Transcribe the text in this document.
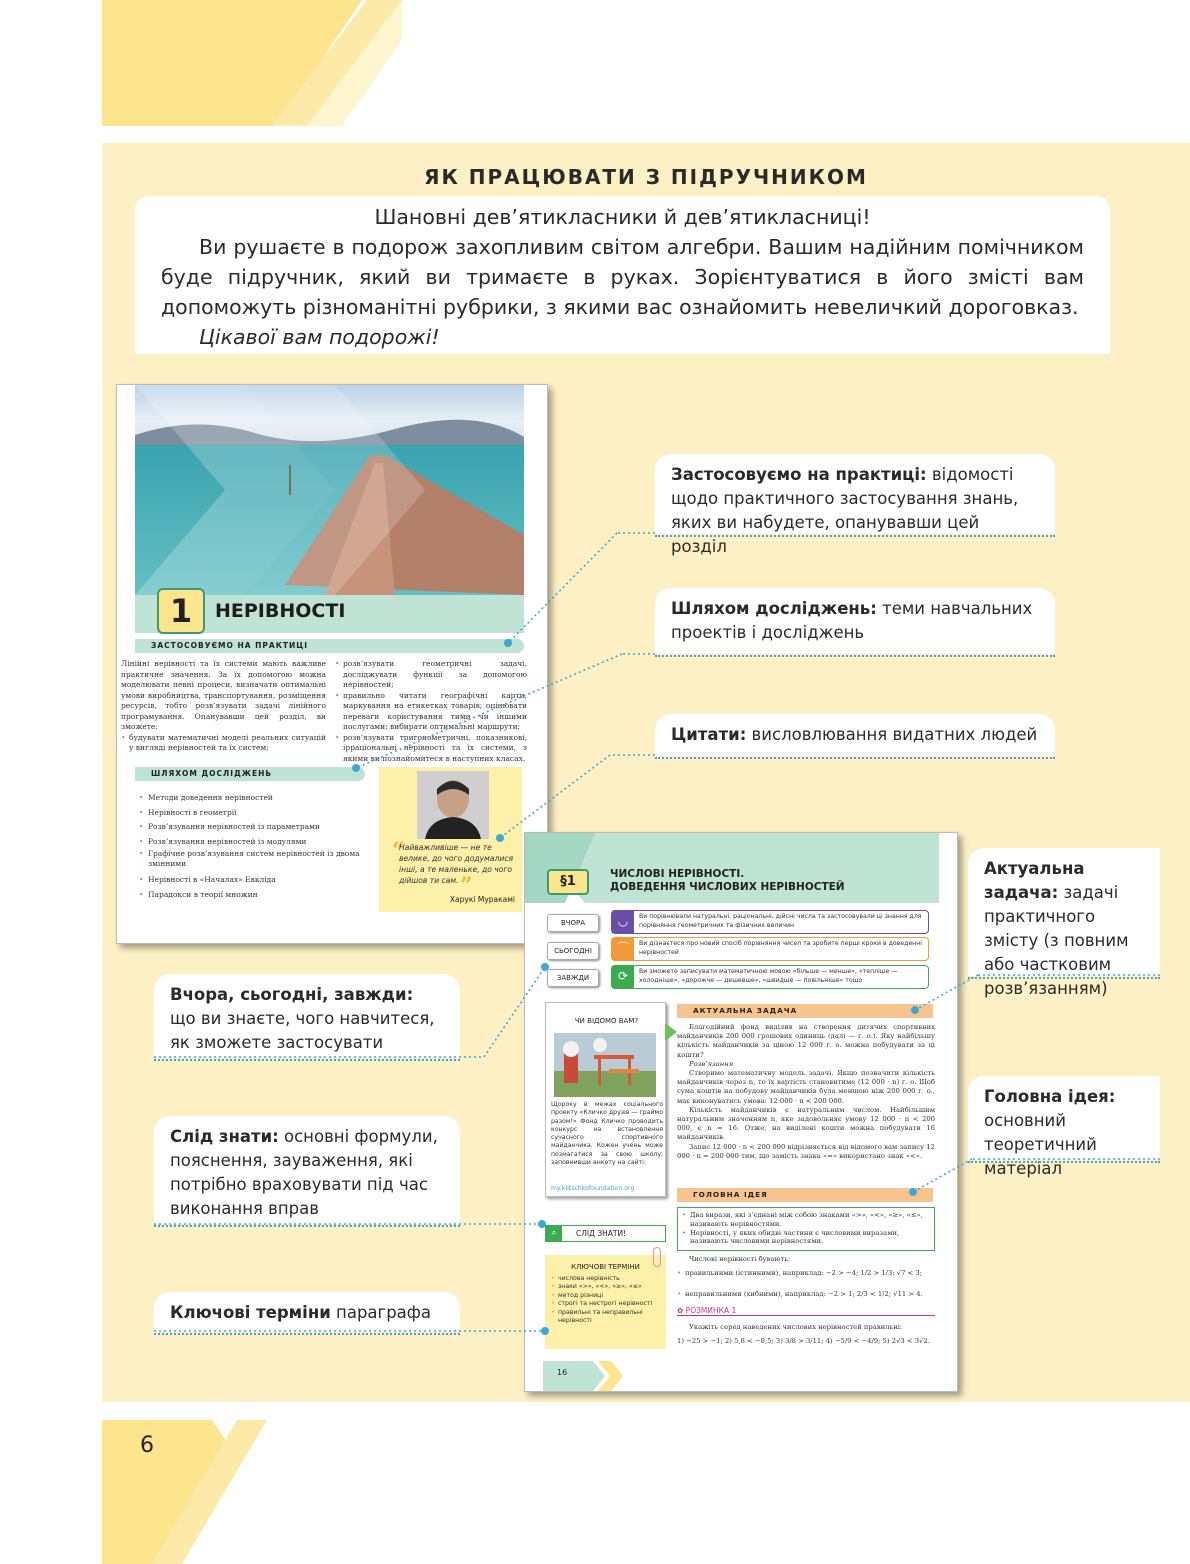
ЯК ПРАЦЮВАТИ З ПІДРУЧНИКОМ
Шановні дев’ятикласники й дев’ятикласниці!
Ви рушаєте в подорож захопливим світом алгебри. Вашим надійним помічником буде підручник, який ви тримаєте в руках. Зорієнтуватися в його змісті вам допоможуть різноманітні рубрики, з якими вас ознайомить невеличкий дороговказ.
Цікавої вам подорожі!
1	НЕРІВНОСТІ
ЗАСТОСОВУЄМО НА ПРАКТИЦІ
Лінійні нерівності та їх системи мають важливе практичне значення. За їх допомогою можна моделювати певні процеси, визначати оптимальні умови виробництва, транспортування, розміщення ресурсів, тобто розв’язувати задачі лінійного програмування. Опанувавши цей розділ, ви зможете:
• будувати математичні моделі реальних ситуацій у вигляді нерівностей та їх систем;
• розв’язувати геометричні задачі, досліджувати функції за допомогою нерівностей;
• правильно читати географічні карти, маркування на етикетках товарів; оцінювати переваги користування тими чи іншими послугами; вибирати оптимальні маршрути;
• розв’язувати тригонометричні, показникові, ірраціональні нерівності та їх системи, з якими ви познайомитеся в наступних класах.
ШЛЯХОМ ДОСЛІДЖЕНЬ
• Методи доведення нерівностей
• Нерівності в геометрії
• Розв’язування нерівностей із параметрами
• Розв’язування нерівностей із модулями
• Графічне розв’язування систем нерівностей із двома змінними
• Нерівності в «Началах» Евкліда
• Парадокси в теорії множин
“
Найважливіше — не те велике, до чого додумалися інші, а те маленьке, до чого дійшов ти сам. ”
Харукі Муракамі
§1	ЧИСЛОВІ НЕРІВНОСТІ.
ДОВЕДЕННЯ ЧИСЛОВИХ НЕРІВНОСТЕЙ
ВЧОРА
СЬОГОДНІ
ЗАВЖДИ
◡	Ви порівнювали натуральні, раціональні, дійсні числа та застосовували ці знання для порівняння геометричних та фізичних величин
⌒	Ви дізнаєтеся про новий спосіб порівняння чисел та зробите перші кроки в доведенні нерівностей
⟳	Ви зможете записувати математичною мовою «більше — менше», «тепліше — холодніше», «дорожче — дешевше», «швидше — повільніше» тощо
ЧИ ВІДОМО ВАМ?
Щороку в межах соціального проекту «Кличко друзів — граймо разом!» Фонд Кличко проводить конкурс на встановлення сучасного спортивного майданчика. Кожен учень може позмагатися за свою школу, заповнивши анкету на сайті:
my.klitschkofoundation.org
АКТУАЛЬНА ЗАДАЧА
Благодійний фонд виділив на створення дитячих спортивних майданчиків 200 000 грошових одиниць (далі — г. о.). Яку найбільшу кількість майданчиків за ціною 12 000 г. о. можна побудувати за ці кошти?
Розв’язання
Створимо математичну модель задачі. Якщо позначити кількість майданчиків через n, то їх вартість становитиме (12 000 · n) г. о. Щоб сума коштів на побудову майданчиків була меншою ніж 200 000 г. о., має виконуватись умова: 12 000 · n < 200 000.
Кількість майданчиків є натуральним числом. Найбільшим натуральним значенням n, яке задовольняє умову 12 000 · n < 200 000, є n = 16. Отже, на виділені кошти можна побудувати 16 майданчиків.
Запис 12 000 · n < 200 000 відрізняється від відомого вам запису 12 000 · n = 200 000 тим, що замість знака «=» використано знак «<».
ГОЛОВНА ІДЕЯ
• Два вирази, які з’єднані між собою знаками «>», «<», «≥», «≤», називають нерівностями.
• Нерівності, у яких обидві частини є числовими виразами, називають числовими нерівностями.
Числові нерівності бувають:
• правильними (істинними), наприклад: −2 > −4; 1/2 > 1/3; √7 < 3;
• неправильними (хибними), наприклад: −2 > 1; 2/3 < 1/2; √11 > 4.
⌕	СЛІД ЗНАТИ!
КЛЮЧОВІ ТЕРМІНИ
• числова нерівність
• знаки «>», «<», «≥», «≤»
• метод різниці
• строгі та нестрогі нерівності
• правильні та неправильні нерівності
✿ РОЗМИНКА 1
Укажіть серед наведених числових нерівностей правильні:
1) −25 > −1; 2) 5,8 < −8,5; 3) 3/8 > 3/11; 4) −5/9 < −4/9; 5) 2√3 < 3√2.
16
Застосовуємо на практиці: відомості щодо практичного застосування знань, яких ви набудете, опанувавши цей розділ
Шляхом досліджень: теми навчальних проектів і досліджень
Цитати: висловлювання видатних людей
Актуальна задача: задачі практичного змісту (з повним або частковим розв’язанням)
Вчора, сьогодні, завжди: що ви знаєте, чого навчитеся, як зможете застосувати
Головна ідея: основний теоретичний матеріал
Слід знати: основні формули, пояснення, зауваження, які потрібно враховувати під час виконання вправ
Ключові терміни параграфа
6
